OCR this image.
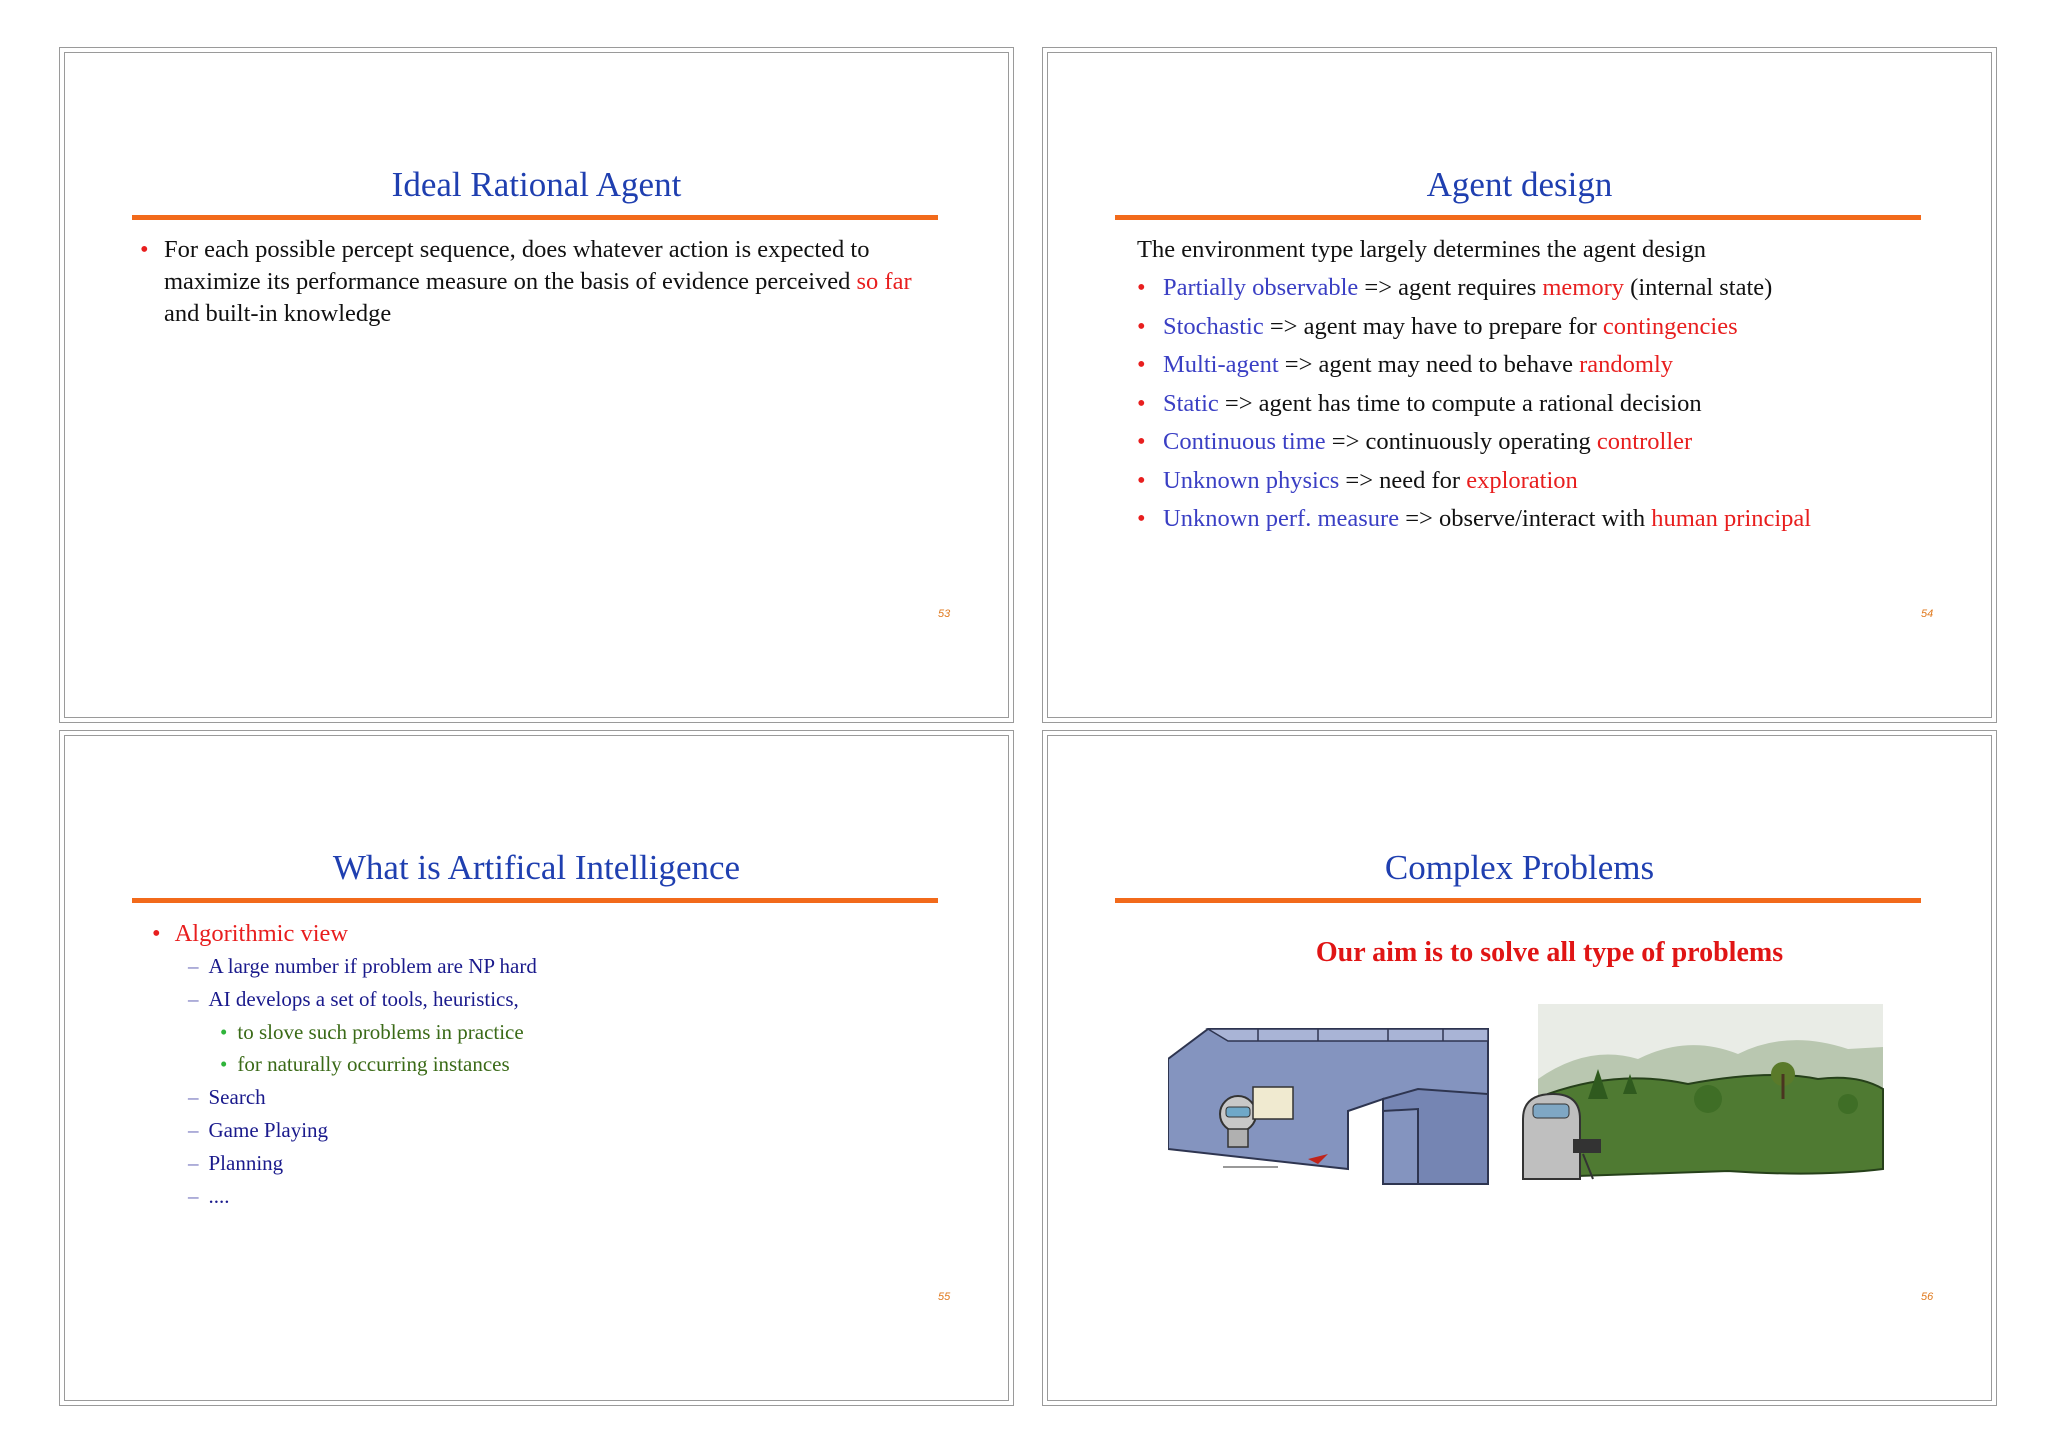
Ideal Rational Agent
• For each possible percept sequence, does whatever action is expected to maximize its performance measure on the basis of evidence perceived so far and built-in knowledge
53
Agent design
The environment type largely determines the agent design
• Partially observable => agent requires memory (internal state)
• Stochastic => agent may have to prepare for contingencies
• Multi-agent => agent may need to behave randomly
• Static => agent has time to compute a rational decision
• Continuous time => continuously operating controller
• Unknown physics => need for exploration
• Unknown perf. measure => observe/interact with human principal
54
What is Artifical Intelligence
• Algorithmic view
– A large number if problem are NP hard
– AI develops a set of tools, heuristics,
• to slove such problems in practice
• for naturally occurring instances
– Search
– Game Playing
– Planning
– ....
55
Complex Problems
Our aim is to solve all type of problems
56
